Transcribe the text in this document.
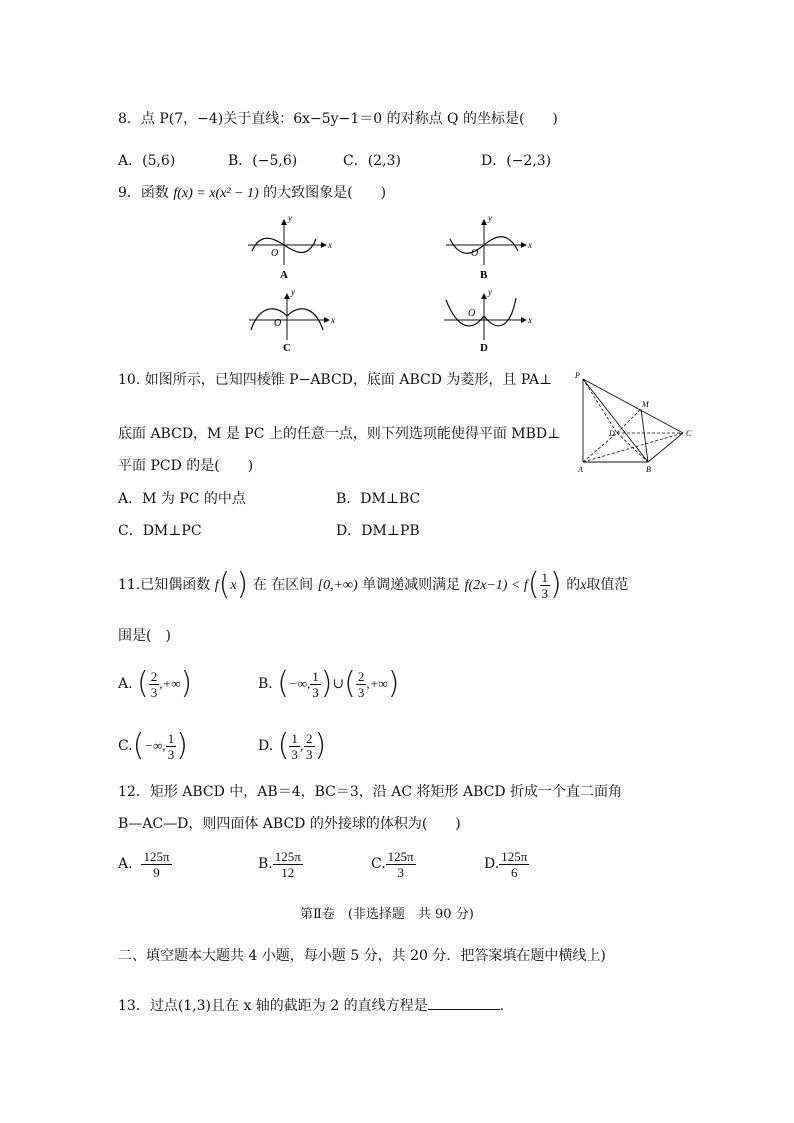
8．点 P(7，−4)关于直线：6x−5y−1＝0 的对称点 Q 的坐标是(　　)
A．(5,6)	B．(−5,6)	C．(2,3)	D．(−2,3)
9．函数 f(x) = x(x² − 1) 的大致图象是(　　)
O
x
y
A
O
x
y
B
O	x
y
C
O
x
y
D
10. 如图所示，已知四棱锥 P−ABCD，底面 ABCD 为菱形，且 PA⊥
底面 ABCD，M 是 PC 上的任意一点，则下列选项能使得平面 MBD⊥
平面 PCD 的是(　　)
A．M 为 PC 的中点	B．DM⊥BC
C．DM⊥PC	D．DM⊥PB
P
M
D	C
A	B
11.已知偶函数 f(x) 在 在区间 [0,+∞) 单调递减则满足 $f(2x-1) < f( \frac{1}{3}$ ) 的x取值范
围是(　)
A. ( $\frac{2}{3}$ ,+∞)	B. (−∞, $\frac{1}{3}$ )∪( $\frac{2}{3}$ ,+∞)
C.(−∞, $\frac{1}{3}$ )	D. ( $\frac{1}{3}$ , $\frac{2}{3}$ )
12．矩形 ABCD 中，AB＝4，BC＝3，沿 AC 将矩形 ABCD 折成一个直二面角
B—AC—D，则四面体 ABCD 的外接球的体积为(　　)
A. $\frac{125\pi}{9}$	B. $\frac{125\pi}{12}$	C. $\frac{125\pi}{3}$	D. $\frac{125\pi}{6}$
第Ⅱ卷　(非选择题　共 90 分)
二、填空题本大题共 4 小题，每小题 5 分，共 20 分．把答案填在题中横线上)
13．过点(1,3)且在 x 轴的截距为 2 的直线方程是	.
